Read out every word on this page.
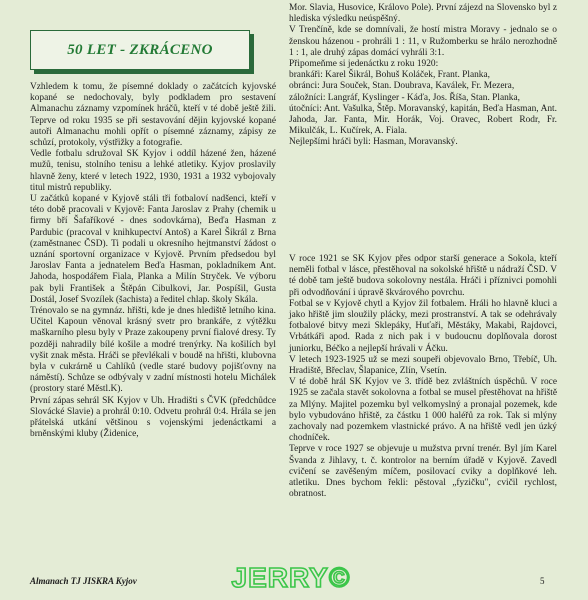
50 LET - ZKRÁCENO

Vzhledem k tomu, že písemné doklady o začátcích kyjovské kopané se nedochovaly, byly podkladem pro sestavení Almanachu záznamy vzpomínek hráčů, kteří v té době ještě žili. Teprve od roku 1935 se při sestavování dějin kyjovské kopané autoři Almanachu mohli opřít o písemné záznamy, zápisy ze schůzí, protokoly, výstřižky a fotografie.
Vedle fotbalu sdružoval SK Kyjov i oddíl házené žen, házené mužů, tenisu, stolního tenisu a lehké atletiky. Kyjov proslavily hlavně ženy, které v letech 1922, 1930, 1931 a 1932 vybojovaly titul mistrů republiky.
U začátků kopané v Kyjově stáli tři fotbaloví nadšenci, kteří v této době pracovali v Kyjově: Fanta Jaroslav z Prahy (chemik u firmy bří Šafaříkové - dnes sodovkárna), Beďa Hasman z Pardubic (pracoval v knihkupectví Antoš) a Karel Šikrál z Brna (zaměstnanec ČSD). Ti podali u okresního hejtmanství žádost o uznání sportovní organizace v Kyjově. Prvním předsedou byl Jaroslav Fanta a jednatelem Beďa Hasman, pokladníkem Ant. Jahoda, hospodářem Fiala, Planka a Milín Stryček. Ve výboru pak byli František a Štěpán Cibulkovi, Jar. Pospíšil, Gusta Dostál, Josef Svozílek (šachista) a ředitel chlap. školy Skála.
Trénovalo se na gymnáz. hřišti, kde je dnes hlediště letního kina. Učitel Kapoun věnoval krásný svetr pro brankáře, z výtěžku maškarního plesu byly v Praze zakoupeny první fialové dresy. Ty později nahradily bílé košile a modré trenýrky. Na košilích byl vyšit znak města. Hráči se převlékali v boudě na hřišti, klubovna byla v cukrárně u Cahlíků (vedle staré budovy pojišťovny na náměstí). Schůze se odbývaly v zadní místnosti hotelu Michálek (prostory staré Městl.K).
První zápas sehrál SK Kyjov v Uh. Hradišti s ČVK (předchůdce Slovácké Slavie) a prohrál 0:10. Odvetu prohrál 0:4. Hrála se jen přátelská utkání většinou s vojenskými jedenáctkami a brněnskými kluby (Židenice,

Mor. Slavia, Husovice, Královo Pole). První zájezd na Slovensko byl z hlediska výsledku neúspěšný.
V Trenčíně, kde se domnívali, že hostí mistra Moravy - jednalo se o ženskou házenou - prohráli 1 : 11, v Ružomberku se hrálo nerozhodně 1 : 1, ale druhý zápas domácí vyhráli 3:1.
Připomeňme si jedenáctku z roku 1920:
brankáři: Karel Šikrál, Bohuš Koláček, Frant. Planka,
obránci: Jura Souček, Stan. Doubrava, Kaválek, Fr. Mezera,
záložníci: Langráf, Kyslinger - Káďa, Jos. Říša, Stan. Planka,
útočníci: Ant. Vašulka, Štěp. Moravanský, kapitán, Beďa Hasman, Ant. Jahoda, Jar. Fanta, Mir. Horák, Voj. Oravec, Robert Rodr, Fr. Mikulčák, L. Kučírek, A. Fiala.
Nejlepšími hráči byli: Hasman, Moravanský.

V roce 1921 se SK Kyjov přes odpor starší generace a Sokola, kteří neměli fotbal v lásce, přestěhoval na sokolské hřiště u nádraží ČSD. V té době tam ještě budova sokolovny nestála. Hráči i příznivci pomohli při odvodňování i úpravě škvárového povrchu.
Fotbal se v Kyjově chytl a Kyjov žil fotbalem. Hráli ho hlavně kluci a jako hřiště jim sloužily plácky, mezi prostranství. A tak se odehrávaly fotbalové bitvy mezi Sklepáky, Huťaři, Městáky, Makabi, Rajdovci, Vrbátkáři apod. Rada z nich pak i v budoucnu doplňovala dorost juniorku, Béčko a nejlepší hrávali v Áčku.
V letech 1923-1925 už se mezi soupeři objevovalo Brno, Třebíč, Uh. Hradiště, Břeclav, Šlapanice, Zlín, Vsetín.
V té době hrál SK Kyjov ve 3. třídě bez zvláštních úspěchů. V roce 1925 se začala stavět sokolovna a fotbal se musel přestěhovat na hřiště za Mlýny. Majitel pozemku byl velkomyslný a pronajal pozemek, kde bylo vybudováno hřiště, za částku 1 000 haléřů za rok. Tak si mlýny zachovaly nad pozemkem vlastnické právo. A na hřiště vedl jen úzký chodníček.
Teprve v roce 1927 se objevuje u mužstva první trenér. Byl jím Karel Švanda z Jihlavy, t. č. kontrolor na berním úřadě v Kyjově. Zavedl cvičení se zavěšeným míčem, posilovací cviky a doplňkové leh. atletiku. Dnes bychom řekli: pěstoval „fyzičku", cvičil rychlost, obratnost.

Almanach TJ JISKRA Kyjov	JERRY©	5
